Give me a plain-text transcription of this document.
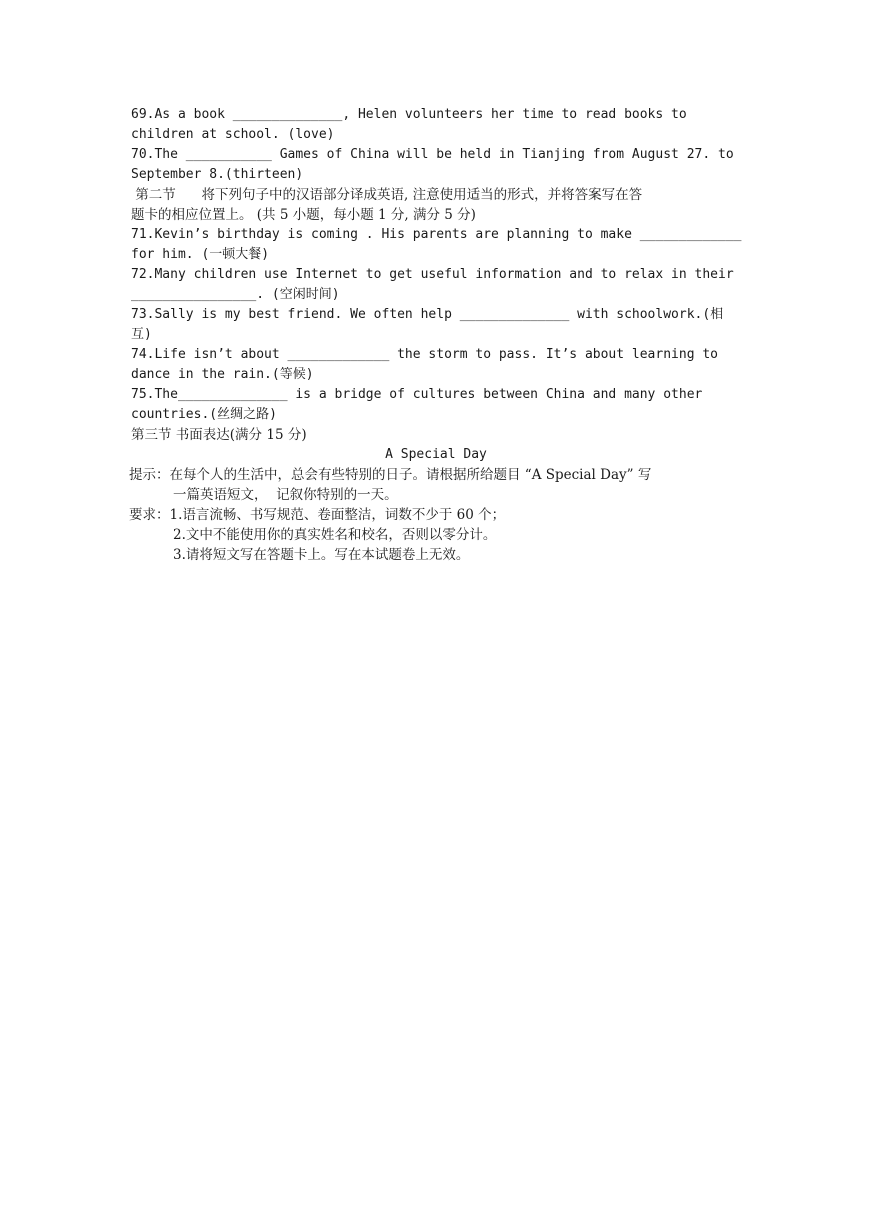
69.As a book ______________, Helen volunteers her time to read books to
children at school. (love)
70.The ___________ Games of China will be held in Tianjing from August 27. to
September 8.(thirteen)
第二节      将下列句子中的汉语部分译成英语, 注意使用适当的形式，并将答案写在答
题卡的相应位置上。 (共 5 小题，每小题 1 分, 满分 5 分)
71.Kevin’s birthday is coming . His parents are planning to make _____________
for him. (一顿大餐)
72.Many children use Internet to get useful information and to relax in their
________________. (空闲时间)
73.Sally is my best friend. We often help ______________ with schoolwork.(相
互)
74.Life isn’t about _____________ the storm to pass. It’s about learning to
dance in the rain.(等候)
75.The______________ is a bridge of cultures between China and many other
countries.(丝绸之路)
第三节 书面表达(满分 15 分)
A Special Day
提示：在每个人的生活中，总会有些特别的日子。请根据所给题目 “A Special Day” 写
一篇英语短文，  记叙你特别的一天。
要求：1.语言流畅、书写规范、卷面整洁，词数不少于 60 个；
2.文中不能使用你的真实姓名和校名，否则以零分计。
3.请将短文写在答题卡上。写在本试题卷上无效。
